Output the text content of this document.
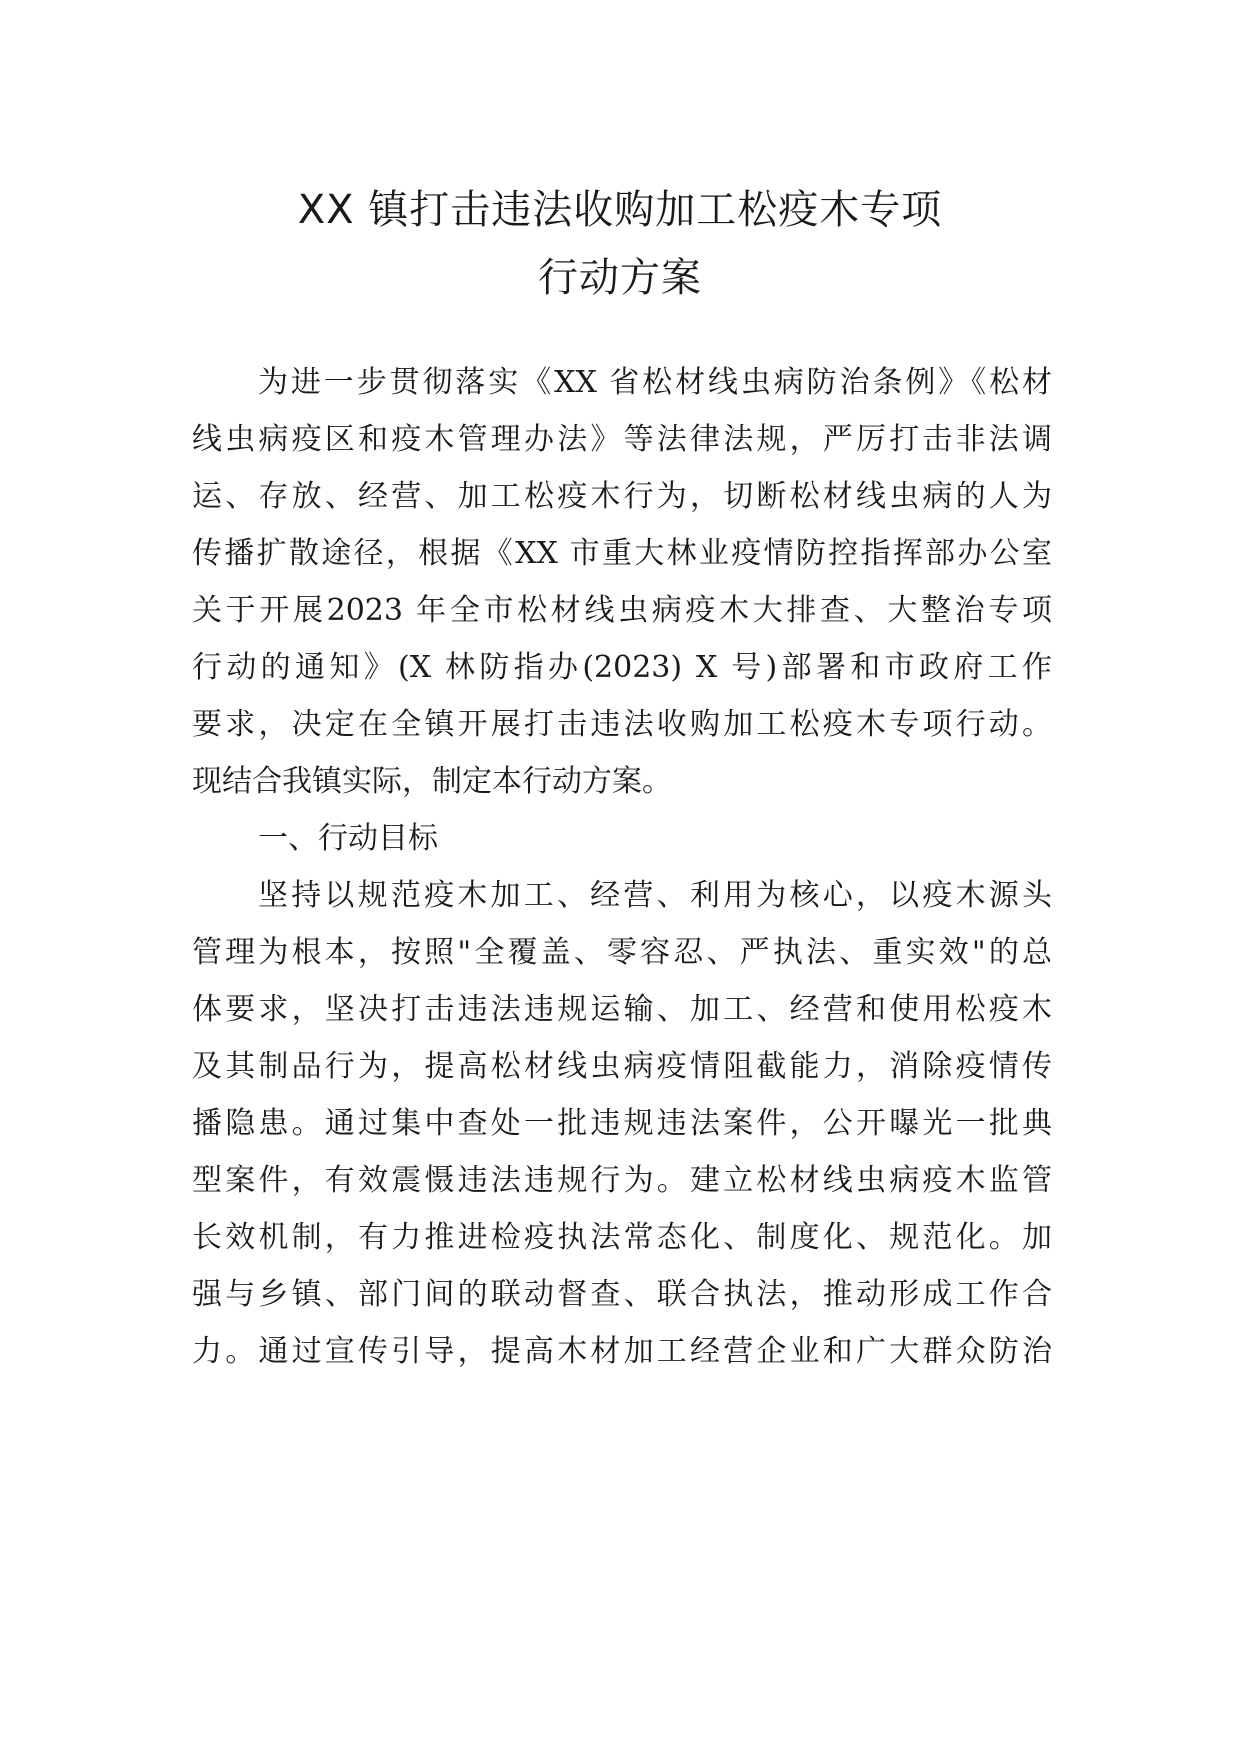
XX 镇打击违法收购加工松疫木专项
行动方案
为进一步贯彻落实《XX 省松材线虫病防治条例》《松材
线虫病疫区和疫木管理办法》等法律法规，严厉打击非法调
运、存放、经营、加工松疫木行为，切断松材线虫病的人为
传播扩散途径，根据《XX 市重大林业疫情防控指挥部办公室
关于开展2023 年全市松材线虫病疫木大排查、大整治专项
行动的通知》(X 林防指办(2023) X 号)部署和市政府工作
要求，决定在全镇开展打击违法收购加工松疫木专项行动。
现结合我镇实际，制定本行动方案。
一、行动目标
坚持以规范疫木加工、经营、利用为核心，以疫木源头
管理为根本，按照"全覆盖、零容忍、严执法、重实效"的总
体要求，坚决打击违法违规运输、加工、经营和使用松疫木
及其制品行为，提高松材线虫病疫情阻截能力，消除疫情传
播隐患。通过集中查处一批违规违法案件，公开曝光一批典
型案件，有效震慑违法违规行为。建立松材线虫病疫木监管
长效机制，有力推进检疫执法常态化、制度化、规范化。加
强与乡镇、部门间的联动督查、联合执法，推动形成工作合
力。通过宣传引导，提高木材加工经营企业和广大群众防治
